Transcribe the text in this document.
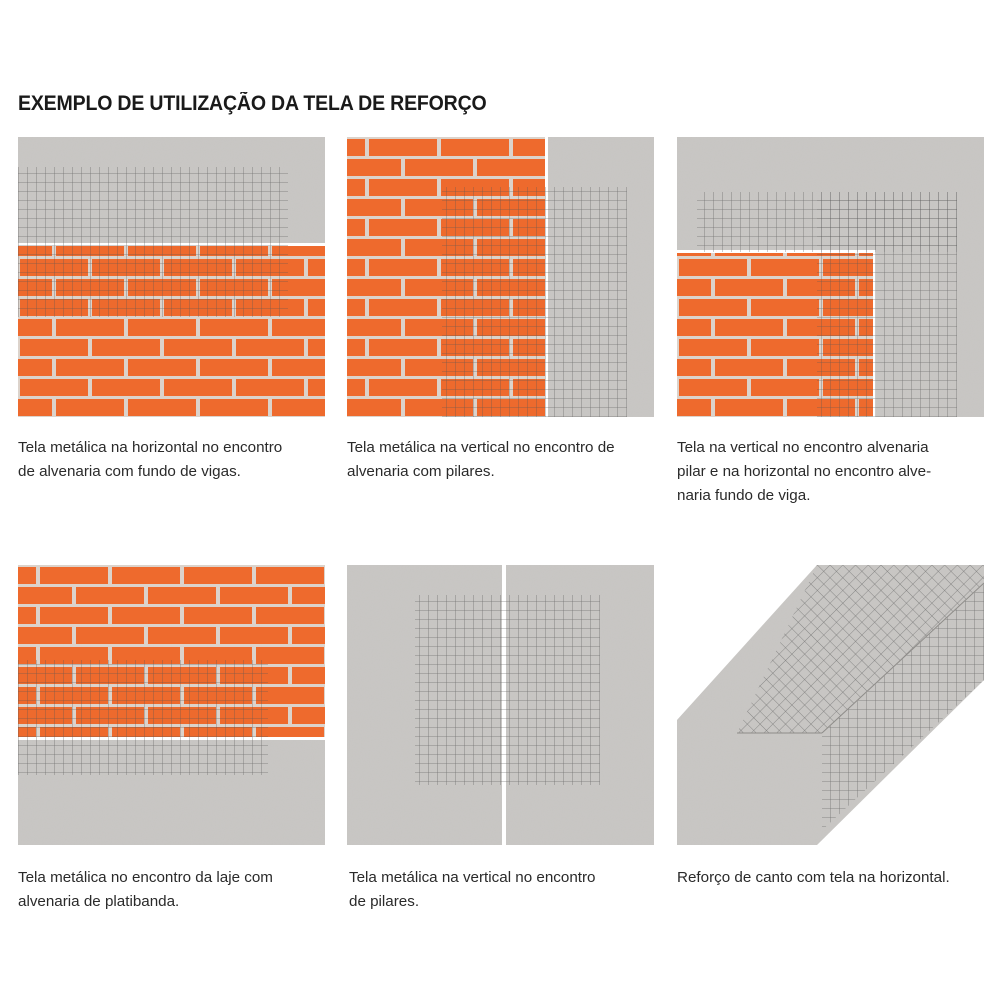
EXEMPLO DE UTILIZAÇÃO DA TELA DE REFORÇO
Tela metálica na horizontal no encontro
de alvenaria com fundo de vigas.
Tela metálica na vertical no encontro de
alvenaria com pilares.
Tela na vertical no encontro alvenaria
pilar e na horizontal no encontro alve-
naria fundo de viga.
Tela metálica no encontro da laje com
alvenaria de platibanda.
Tela metálica na vertical no encontro
de pilares.
Reforço de canto com tela na horizontal.
